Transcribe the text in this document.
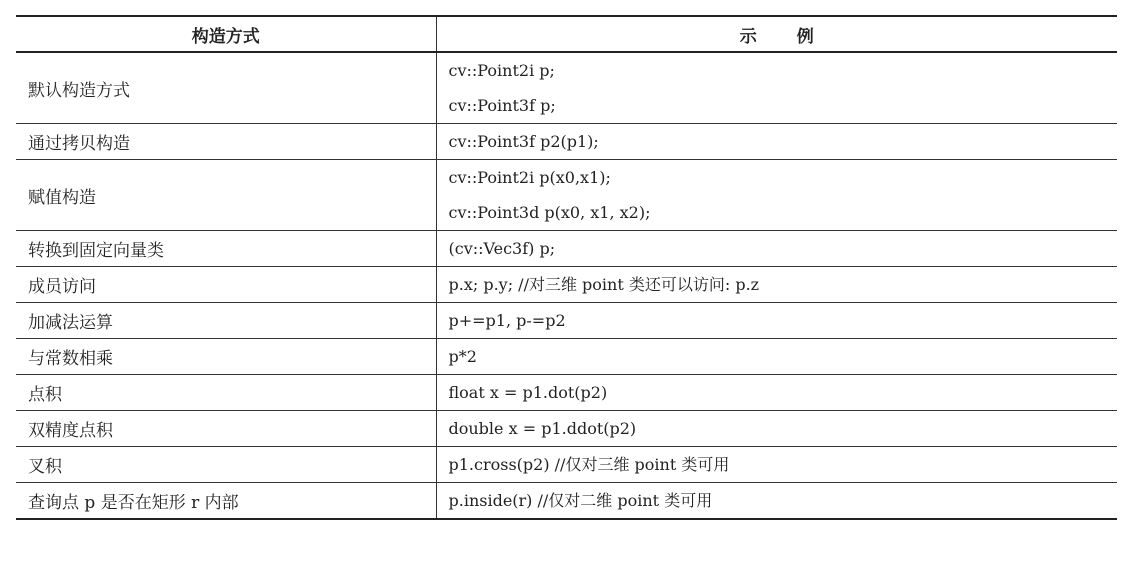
构造方式	示例
默认构造方式	cv::Point2i p;
cv::Point3f p;

通过拷贝构造	cv::Point3f p2(p1);

赋值构造	cv::Point2i p(x0,x1);
cv::Point3d p(x0, x1, x2);

转换到固定向量类	(cv::Vec3f) p;

成员访问	p.x; p.y; //对三维 point 类还可以访问: p.z

加减法运算	p+=p1, p-=p2

与常数相乘	p*2

点积	float x = p1.dot(p2)

双精度点积	double x = p1.ddot(p2)

叉积	p1.cross(p2) //仅对三维 point 类可用

查询点 p 是否在矩形 r 内部	p.inside(r) //仅对二维 point 类可用
